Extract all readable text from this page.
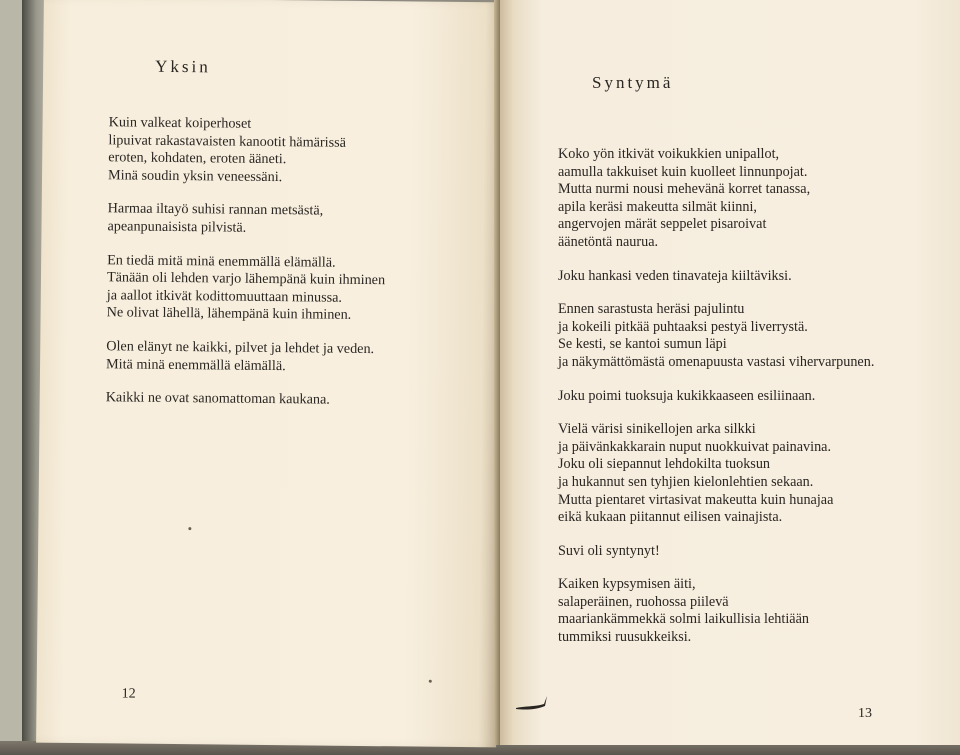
Yksin

Kuin valkeat koiperhoset
lipuivat rakastavaisten kanootit hämärissä
eroten, kohdaten, eroten ääneti.
Minä soudin yksin veneessäni.

Harmaa iltayö suhisi rannan metsästä,
apeanpunaisista pilvistä.

En tiedä mitä minä enemmällä elämällä.
Tänään oli lehden varjo lähempänä kuin ihminen
ja aallot itkivät kodittomuuttaan minussa.
Ne olivat lähellä, lähempänä kuin ihminen.

Olen elänyt ne kaikki, pilvet ja lehdet ja veden.
Mitä minä enemmällä elämällä.

Kaikki ne ovat sanomattoman kaukana.

12
Syntymä

Koko yön itkivät voikukkien unipallot,
aamulla takkuiset kuin kuolleet linnunpojat.
Mutta nurmi nousi mehevänä korret tanassa,
apila keräsi makeutta silmät kiinni,
angervojen märät seppelet pisaroivat
äänetöntä naurua.

Joku hankasi veden tinavateja kiiltäviksi.

Ennen sarastusta heräsi pajulintu
ja kokeili pitkää puhtaaksi pestyä liverrystä.
Se kesti, se kantoi sumun läpi
ja näkymättömästä omenapuusta vastasi vihervarpunen.

Joku poimi tuoksuja kukikkaaseen esiliinaan.

Vielä värisi sinikellojen arka silkki
ja päivänkakkarain nuput nuokkuivat painavina.
Joku oli siepannut lehdokilta tuoksun
ja hukannut sen tyhjien kielonlehtien sekaan.
Mutta pientaret virtasivat makeutta kuin hunajaa
eikä kukaan piitannut eilisen vainajista.

Suvi oli syntynyt!

Kaiken kypsymisen äiti,
salaperäinen, ruohossa piilevä
maariankämmekkä solmi laikullisia lehtiään
tummiksi ruusukkeiksi.

13
